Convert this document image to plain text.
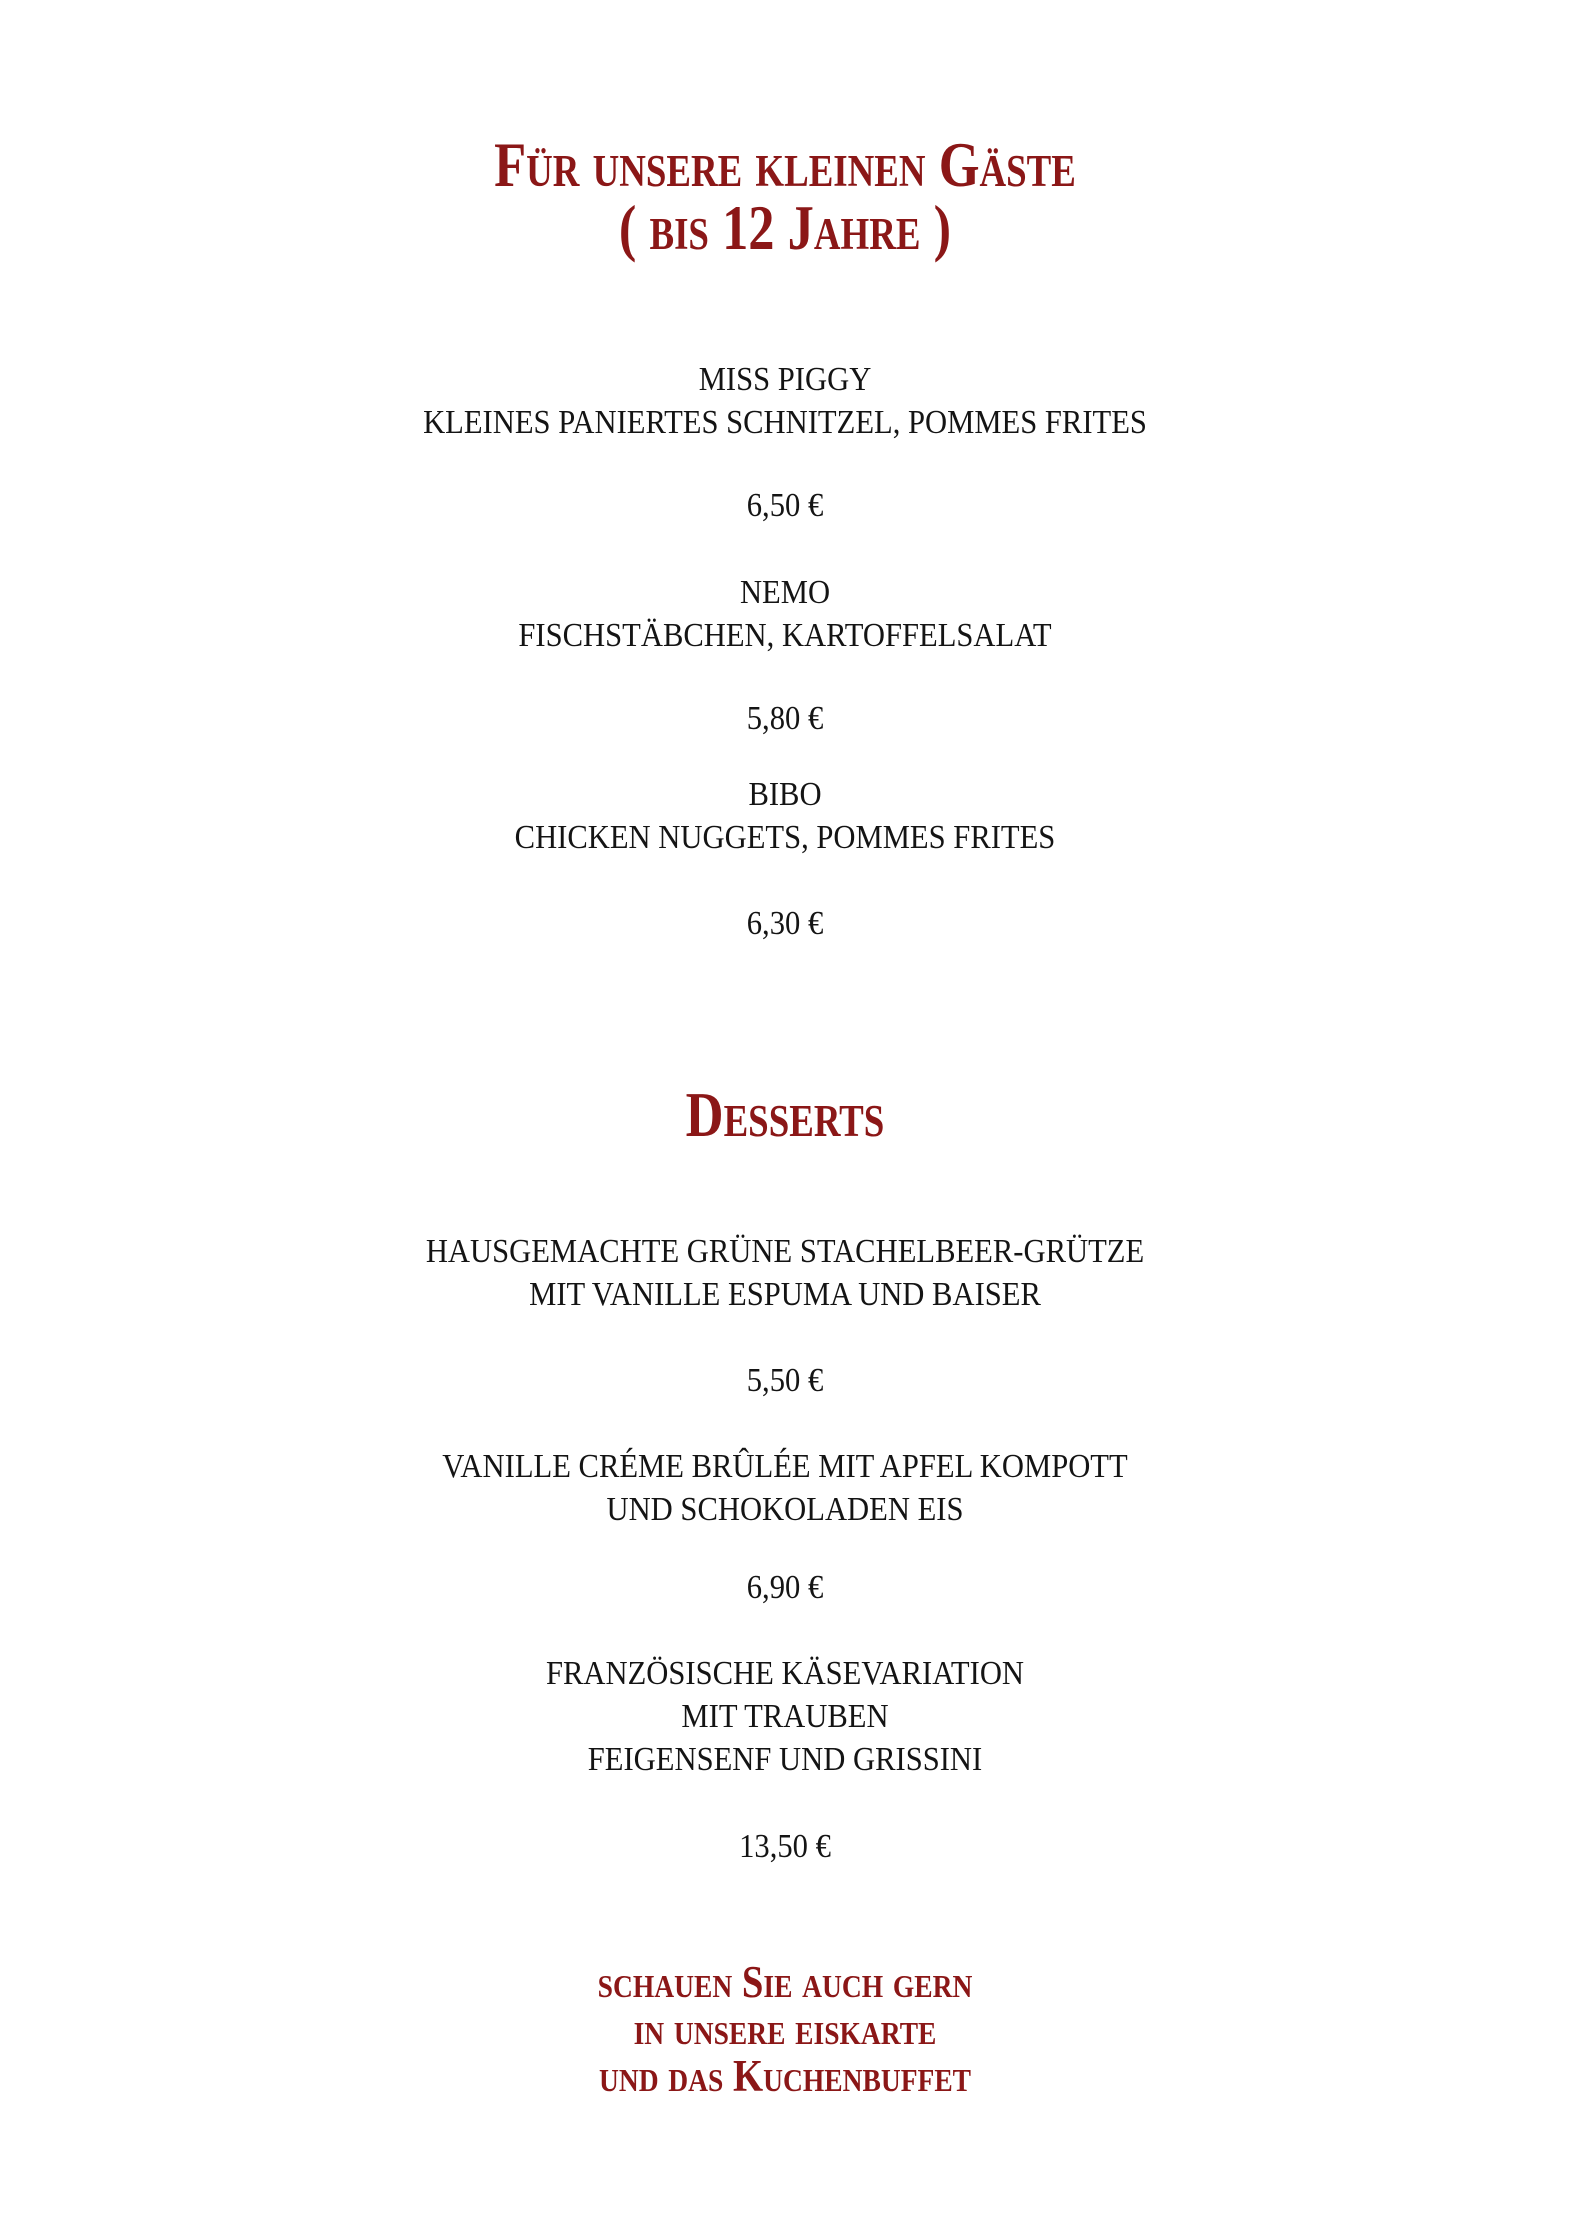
Für unsere kleinen Gäste
( bis 12 Jahre )
MISS PIGGY
KLEINES PANIERTES SCHNITZEL, POMMES FRITES
6,50 €
NEMO
FISCHSTÄBCHEN, KARTOFFELSALAT
5,80 €
BIBO
CHICKEN NUGGETS, POMMES FRITES
6,30 €
Desserts
HAUSGEMACHTE GRÜNE STACHELBEER-GRÜTZE
MIT VANILLE ESPUMA UND BAISER
5,50 €
VANILLE CRÉME BRÛLÉE MIT APFEL KOMPOTT
UND SCHOKOLADEN EIS
6,90 €
FRANZÖSISCHE KÄSEVARIATION
MIT TRAUBEN
FEIGENSENF UND GRISSINI
13,50 €
schauen Sie auch gern
in unsere eiskarte
und das Kuchenbuffet
